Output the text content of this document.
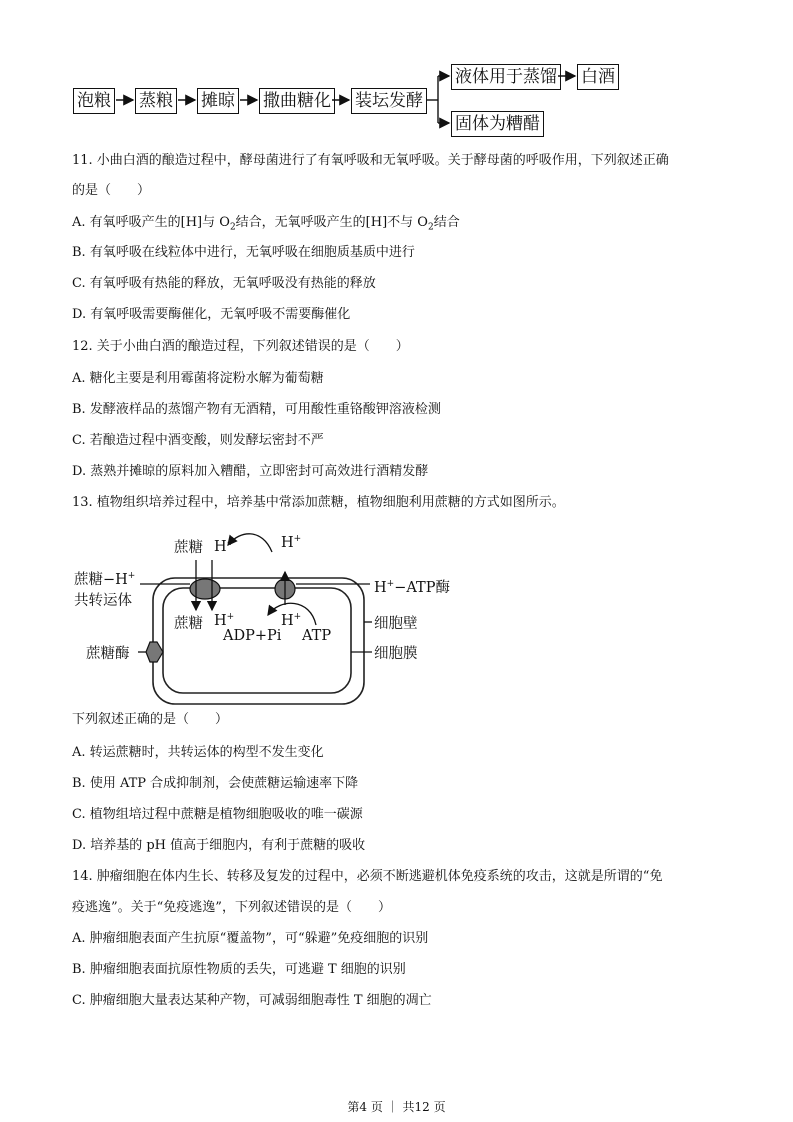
泡粮 蒸粮 摊晾 撒曲糖化 装坛发酵
液体用于蒸馏 白酒
固体为糟醋
11. 小曲白酒的酿造过程中，酵母菌进行了有氧呼吸和无氧呼吸。关于酵母菌的呼吸作用，下列叙述正确
的是（　　）
A. 有氧呼吸产生的[H]与 $O_2$结合，无氧呼吸产生的[H]不与 $O_2$结合
B. 有氧呼吸在线粒体中进行，无氧呼吸在细胞质基质中进行
C. 有氧呼吸有热能的释放，无氧呼吸没有热能的释放
D. 有氧呼吸需要酶催化，无氧呼吸不需要酶催化
12. 关于小曲白酒的酿造过程，下列叙述错误的是（　　）
A. 糖化主要是利用霉菌将淀粉水解为葡萄糖
B. 发酵液样品的蒸馏产物有无酒精，可用酸性重铬酸钾溶液检测
C. 若酿造过程中酒变酸，则发酵坛密封不严
D. 蒸熟并摊晾的原料加入糟醋，立即密封可高效进行酒精发酵
13. 植物组织培养过程中，培养基中常添加蔗糖，植物细胞利用蔗糖的方式如图所示。
蔗糖 H+	H+
蔗糖−H+
共转运体
H+−ATP酶
蔗糖 H+	H+
ADP+Pi ATP
细胞壁
蔗糖酶	细胞膜
下列叙述正确的是（　　）
A. 转运蔗糖时，共转运体的构型不发生变化
B. 使用 ATP 合成抑制剂，会使蔗糖运输速率下降
C. 植物组培过程中蔗糖是植物细胞吸收的唯一碳源
D. 培养基的 pH 值高于细胞内，有利于蔗糖的吸收
14. 肿瘤细胞在体内生长、转移及复发的过程中，必须不断逃避机体免疫系统的攻击，这就是所谓的“免
疫逃逸”。关于“免疫逃逸”，下列叙述错误的是（　　）
A. 肿瘤细胞表面产生抗原“覆盖物”，可“躲避”免疫细胞的识别
B. 肿瘤细胞表面抗原性物质的丢失，可逃避 T 细胞的识别
C. 肿瘤细胞大量表达某种产物，可减弱细胞毒性 T 细胞的凋亡
第4 页 ｜ 共12 页
